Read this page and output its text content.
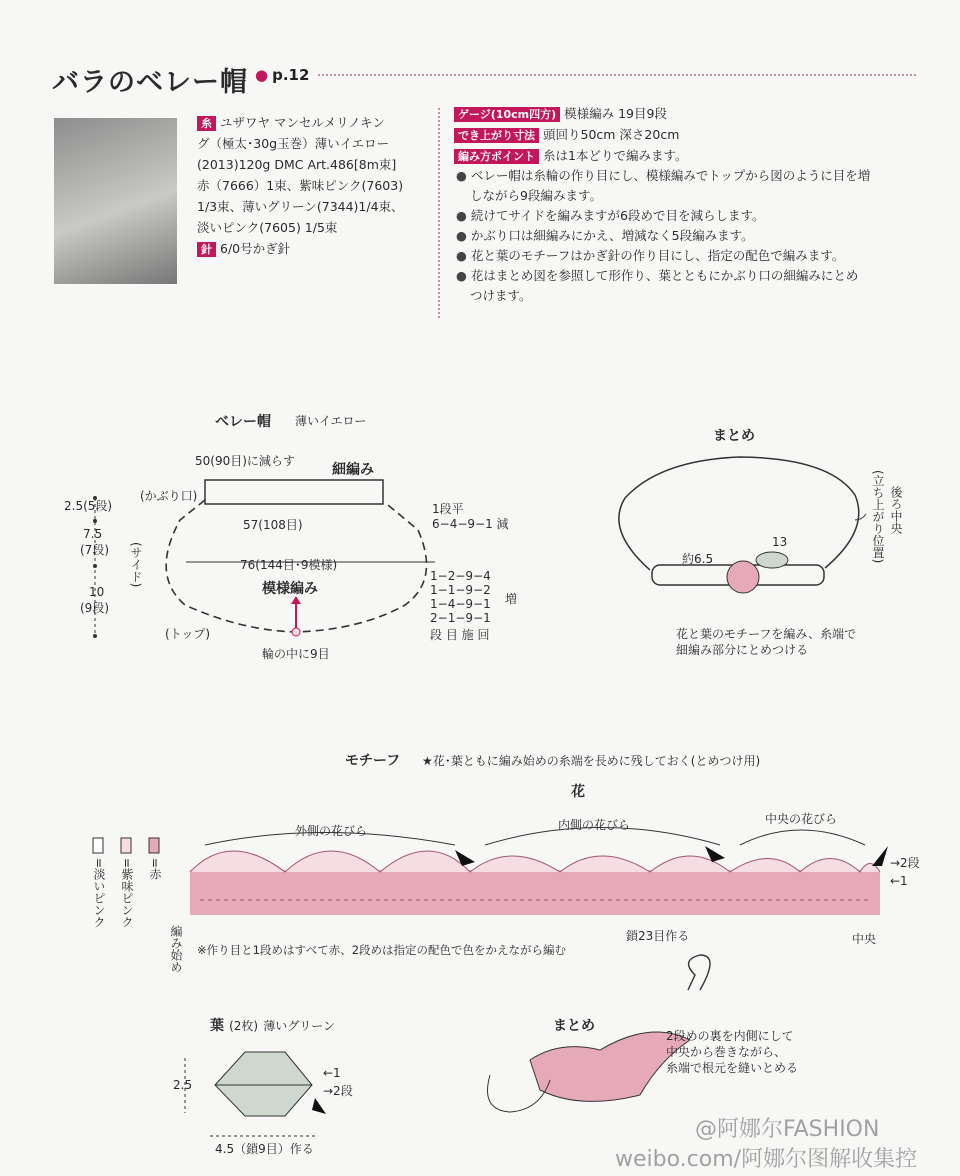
バラのベレー帽 ● p.12
糸 ユザワヤ マンセルメリノキン
グ（極太･30g玉巻）薄いイエロー
(2013)120g DMC Art.486[8m束]
赤（7666）1束、紫味ピンク(7603)
1/3束、薄いグリーン(7344)1/4束、
淡いピンク(7605) 1/5束
針 6/0号かぎ針
ゲージ(10cm四方) 模様編み 19目9段
でき上がり寸法 頭回り50cm 深さ20cm
編み方ポイント 糸は1本どりで編みます。
● ベレー帽は糸輪の作り目にし、模様編みでトップから図のように目を増
しながら9段編みます。
● 続けてサイドを編みますが6段めで目を減らします。
● かぶり口は細編みにかえ、増減なく5段編みます。
● 花と葉のモチーフはかぎ針の作り目にし、指定の配色で編みます。
● 花はまとめ図を参照して形作り、葉とともにかぶり口の細編みにとめ
つけます。
ベレー帽 薄いイエロー
50(90目)に減らす
細編み
(かぶり口)
57(108目)
76(144目･9模様)
模様編み
(サイド)
(トップ)
輪の中に9目
2.5(5段)
7.5
(7段)
10
(9段)
1段平
6−4−9−1 減
1−2−9−4
1−1−9−2
1−4−9−1
2−1−9−1
増
段 目 施 回
まとめ
後ろ中央
(立ち上がり位置)
約6.5
13
花と葉のモチーフを編み、糸端で
細編み部分にとめつける
モチーフ ★花･葉ともに編み始めの糸端を長めに残しておく(とめつけ用)
花
外側の花びら	内側の花びら	中央の花びら
→2段
←1
編み始め	鎖23目作る	中央
=淡いピンク =紫味ピンク =赤
※作り目と1段めはすべて赤、2段めは指定の配色で色をかえながら編む
葉 (2枚) 薄いグリーン
2.5
←1
→2段
4.5（鎖9目）作る
まとめ
2段めの裏を内側にして
中央から巻きながら、
糸端で根元を縫いとめる
@阿娜尔FASHION
weibo.com/阿娜尔图解收集控
